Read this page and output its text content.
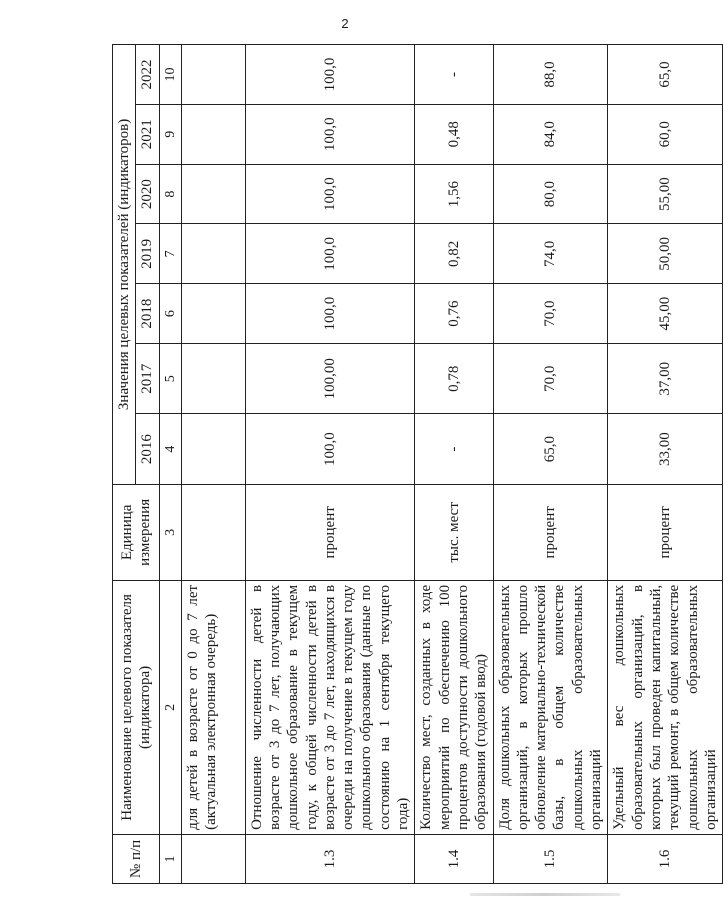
2
№ п/п	Наименование целевого показателя (индикатора)	Единица измерения	Значения целевых показателей (индикаторов)						
			2016	2017	2018	2019	2020	2021	2022
1	2	3	4	5	6	7	8	9	10
	для детей в возрасте от 0 до 7 лет (актуальная электронная очередь)								
1.3	Отношение численности детей в возрасте от 3 до 7 лет, получающих дошкольное образование в текущем году, к общей численности детей в возрасте от 3 до 7 лет, находящихся в очереди на получение в текущем году дошкольного образования (данные по состоянию на 1 сентября текущего года)	процент	100,0	100,00	100,0	100,0	100,0	100,0	100,0
1.4	Количество мест, созданных в ходе мероприятий по обеспечению 100 процентов доступности дошкольного образования (годовой ввод)	тыс. мест	-	0,78	0,76	0,82	1,56	0,48	-
1.5	Доля дошкольных образовательных организаций, в которых прошло обновление материально-технической базы, в общем количестве дошкольных образовательных организаций	процент	65,0	70,0	70,0	74,0	80,0	84,0	88,0
1.6	Удельный вес дошкольных образовательных организаций, в которых был проведен капитальный, текущий ремонт, в общем количестве дошкольных образовательных организаций	процент	33,00	37,00	45,00	50,00	55,00	60,0	65,0
